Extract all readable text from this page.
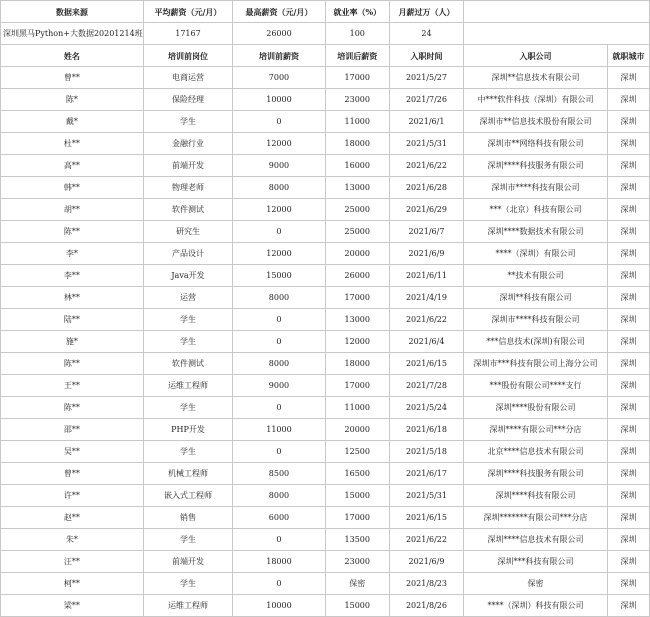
数据来源	平均薪资（元/月）	最高薪资（元/月）	就业率（%）	月薪过万（人）		
深圳黑马Python+大数据20201214班	17167	26000	100	24		
姓名	培训前岗位	培训前薪资	培训后薪资	入职时间	入职公司	就职城市
曾**	电商运营	7000	17000	2021/5/27	深圳**信息技术有限公司	深圳
陈*	保险经理	10000	23000	2021/7/26	中***软件科技（深圳）有限公司	深圳
戴*	学生	0	11000	2021/6/1	深圳市**信息技术股份有限公司	深圳
杜**	金融行业	12000	18000	2021/5/31	深圳市**网络科技有限公司	深圳
高**	前端开发	9000	16000	2021/6/22	深圳****科技服务有限公司	深圳
韩**	物理老师	8000	13000	2021/6/28	深圳市****科技有限公司	深圳
胡**	软件测试	12000	25000	2021/6/29	***（北京）科技有限公司	深圳
陈**	研究生	0	25000	2021/6/7	深圳****数据技术有限公司	深圳
李*	产品设计	12000	20000	2021/6/9	****（深圳）有限公司	深圳
李**	Java开发	15000	26000	2021/6/11	**技术有限公司	深圳
林**	运营	8000	17000	2021/4/19	深圳**科技有限公司	深圳
陆**	学生	0	13000	2021/6/22	深圳市****科技有限公司	深圳
施*	学生	0	12000	2021/6/4	***信息技术(深圳)有限公司	深圳
陈**	软件测试	8000	18000	2021/6/15	深圳市***科技有限公司上海分公司	深圳
王**	运维工程师	9000	17000	2021/7/28	***股份有限公司****支行	深圳
陈**	学生	0	11000	2021/5/24	深圳****股份有限公司	深圳
邵**	PHP开发	11000	20000	2021/6/18	深圳****有限公司***分店	深圳
吴**	学生	0	12500	2021/5/18	北京****信息技术有限公司	深圳
曾**	机械工程师	8500	16500	2021/6/17	深圳****科技服务有限公司	深圳
许**	嵌入式工程师	8000	15000	2021/5/31	深圳****科技有限公司	深圳
赵**	销售	6000	17000	2021/6/15	深圳*******有限公司***分店	深圳
朱*	学生	0	13500	2021/6/22	深圳****信息技术有限公司	深圳
汪**	前端开发	18000	23000	2021/6/9	深圳***科技有限公司	深圳
柯**	学生	0	保密	2021/8/23	保密	深圳
梁**	运维工程师	10000	15000	2021/8/26	****（深圳）科技有限公司	深圳
